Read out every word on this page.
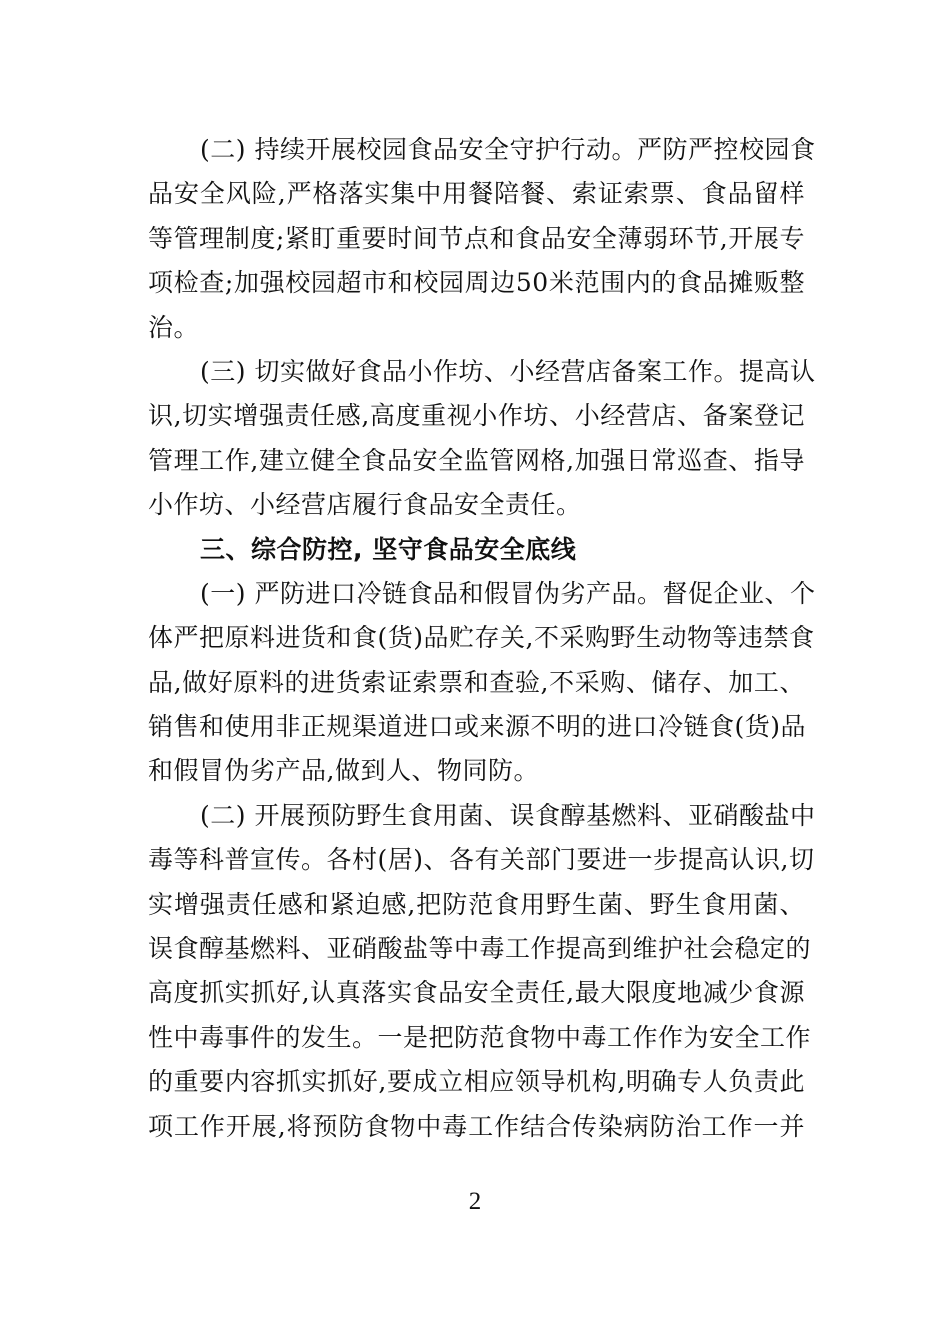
(二) 持续开展校园食品安全守护行动。严防严控校园食
品安全风险,严格落实集中用餐陪餐、索证索票、食品留样
等管理制度;紧盯重要时间节点和食品安全薄弱环节,开展专
项检查;加强校园超市和校园周边50米范围内的食品摊贩整
治。
(三) 切实做好食品小作坊、小经营店备案工作。提高认
识,切实增强责任感,高度重视小作坊、小经营店、备案登记
管理工作,建立健全食品安全监管网格,加强日常巡查、指导
小作坊、小经营店履行食品安全责任。
三、综合防控, 坚守食品安全底线
(一) 严防进口冷链食品和假冒伪劣产品。督促企业、个
体严把原料进货和食(货)品贮存关,不采购野生动物等违禁食
品,做好原料的进货索证索票和查验,不采购、储存、加工、
销售和使用非正规渠道进口或来源不明的进口冷链食(货)品
和假冒伪劣产品,做到人、物同防。
(二) 开展预防野生食用菌、误食醇基燃料、亚硝酸盐中
毒等科普宣传。各村(居)、各有关部门要进一步提高认识,切
实增强责任感和紧迫感,把防范食用野生菌、野生食用菌、
误食醇基燃料、亚硝酸盐等中毒工作提高到维护社会稳定的
高度抓实抓好,认真落实食品安全责任,最大限度地减少食源
性中毒事件的发生。一是把防范食物中毒工作作为安全工作
的重要内容抓实抓好,要成立相应领导机构,明确专人负责此
项工作开展,将预防食物中毒工作结合传染病防治工作一并
2
